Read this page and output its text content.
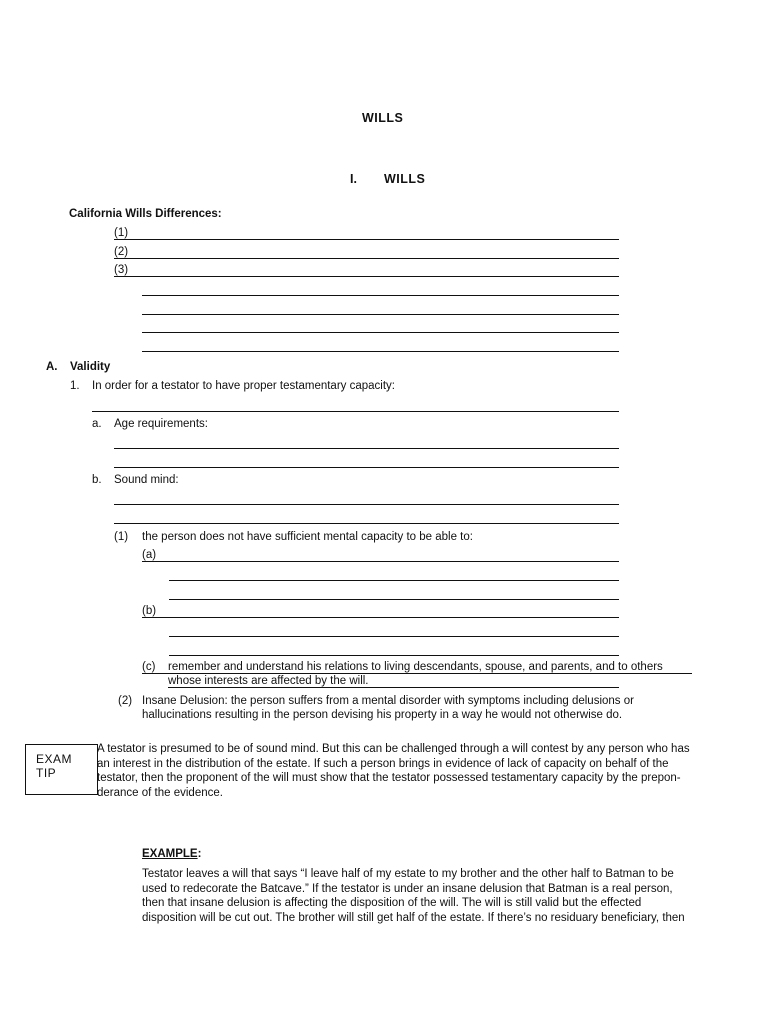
WILLS
I. WILLS
California Wills Differences:
(1)
(2)
(3)
A. Validity
1. In order for a testator to have proper testamentary capacity:
a. Age requirements:
b. Sound mind:
(1) the person does not have sufficient mental capacity to be able to:
(a)
(b)
(c) remember and understand his relations to living descendants, spouse, and parents, and to others
whose interests are affected by the will.
(2) Insane Delusion: the person suffers from a mental disorder with symptoms including delusions or
hallucinations resulting in the person devising his property in a way he would not otherwise do.
EXAM
TIP
A testator is presumed to be of sound mind. But this can be challenged through a will contest by any person who has
an interest in the distribution of the estate. If such a person brings in evidence of lack of capacity on behalf of the
testator, then the proponent of the will must show that the testator possessed testamentary capacity by the prepon-
derance of the evidence.
EXAMPLE:
Testator leaves a will that says “I leave half of my estate to my brother and the other half to Batman to be
used to redecorate the Batcave.” If the testator is under an insane delusion that Batman is a real person,
then that insane delusion is affecting the disposition of the will. The will is still valid but the effected
disposition will be cut out. The brother will still get half of the estate. If there’s no residuary beneficiary, then
